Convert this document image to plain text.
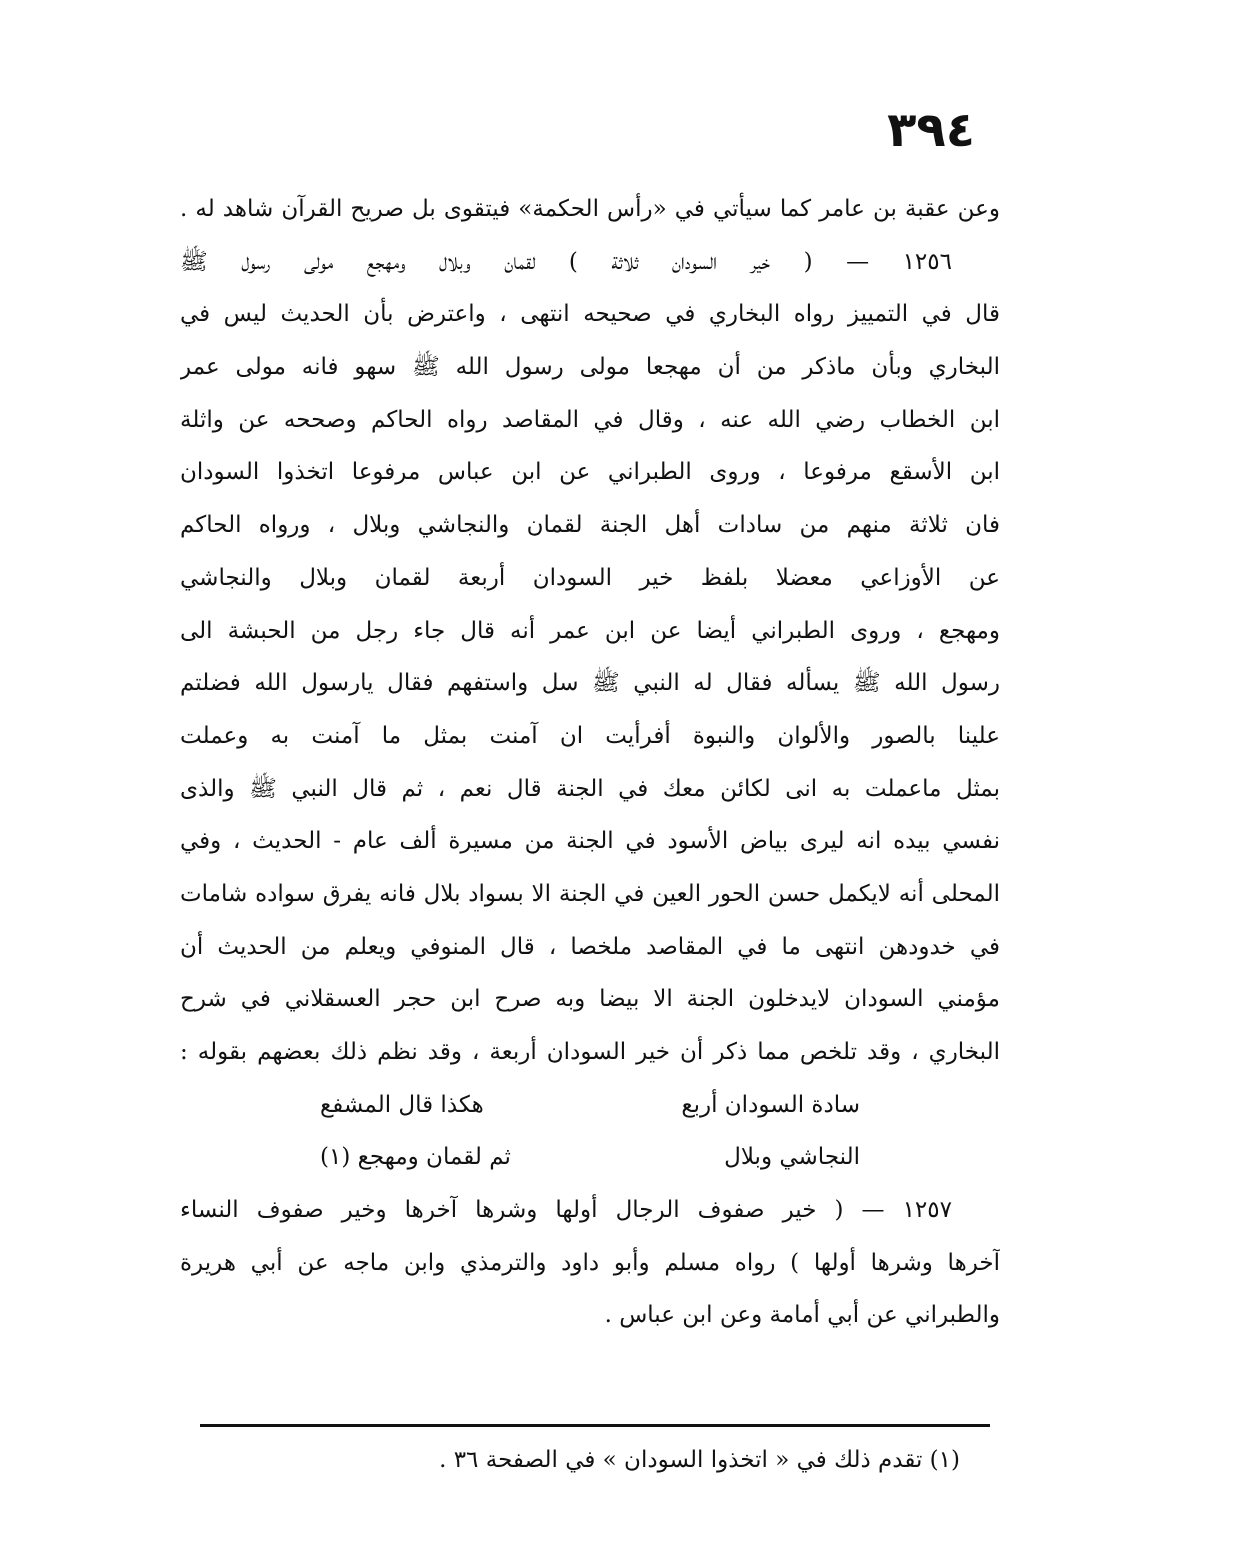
٣٩٤
وعن عقبة بن عامر كما سيأتي في «رأس الحكمة» فيتقوى بل صريح القرآن شاهد له .
١٢٥٦ — ( خير السودان ثلاثة ) لقمان وبلال ومهجع مولى رسول ﷺ
قال في التمييز رواه البخاري في صحيحه انتهى ، واعترض بأن الحديث ليس في
البخاري وبأن ماذكر من أن مهجعا مولى رسول الله ﷺ سهو فانه مولى عمر
ابن الخطاب رضي الله عنه ، وقال في المقاصد رواه الحاكم وصححه عن واثلة
ابن الأسقع مرفوعا ، وروى الطبراني عن ابن عباس مرفوعا اتخذوا السودان
فان ثلاثة منهم من سادات أهل الجنة لقمان والنجاشي وبلال ، ورواه الحاكم
عن الأوزاعي معضلا بلفظ خير السودان أربعة لقمان وبلال والنجاشي
ومهجع ، وروى الطبراني أيضا عن ابن عمر أنه قال جاء رجل من الحبشة الى
رسول الله ﷺ يسأله فقال له النبي ﷺ سل واستفهم فقال يارسول الله فضلتم
علينا بالصور والألوان والنبوة أفرأيت ان آمنت بمثل ما آمنت به وعملت
بمثل ماعملت به انى لكائن معك في الجنة قال نعم ، ثم قال النبي ﷺ والذى
نفسي بيده انه ليرى بياض الأسود في الجنة من مسيرة ألف عام - الحديث ، وفي
المحلى أنه لايكمل حسن الحور العين في الجنة الا بسواد بلال فانه يفرق سواده شامات
في خدودهن انتهى ما في المقاصد ملخصا ، قال المنوفي ويعلم من الحديث أن
مؤمني السودان لايدخلون الجنة الا بيضا وبه صرح ابن حجر العسقلاني في شرح
البخاري ، وقد تلخص مما ذكر أن خير السودان أربعة ، وقد نظم ذلك بعضهم بقوله :
سادة السودان أربع
هكذا قال المشفع
النجاشي وبلال
ثم لقمان ومهجع (١)
١٢٥٧ — ( خير صفوف الرجال أولها وشرها آخرها وخير صفوف النساء
آخرها وشرها أولها ) رواه مسلم وأبو داود والترمذي وابن ماجه عن أبي هريرة
والطبراني عن أبي أمامة وعن ابن عباس .
(١) تقدم ذلك في « اتخذوا السودان » في الصفحة ٣٦ .
